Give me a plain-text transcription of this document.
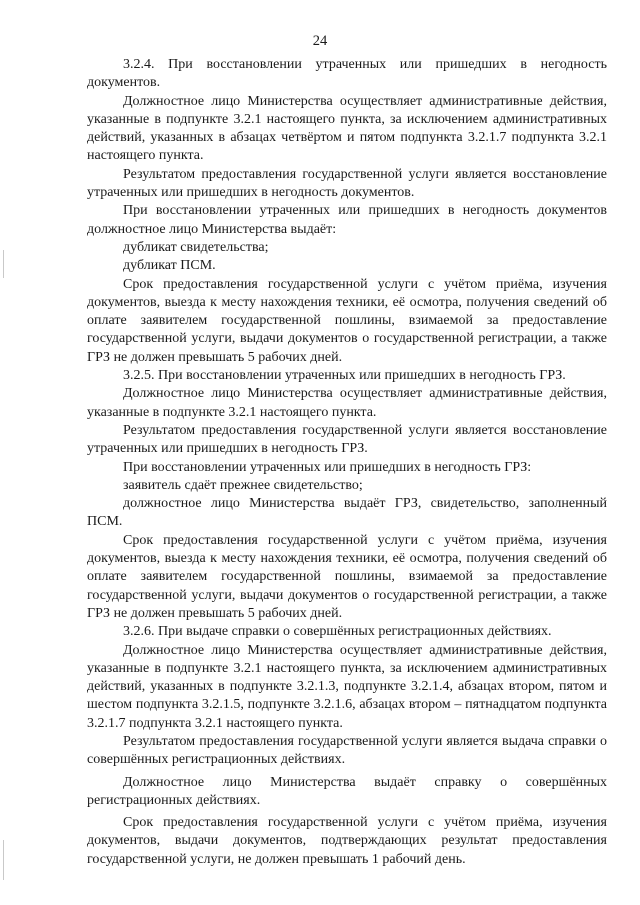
24

3.2.4. При восстановлении утраченных или пришедших в негодность документов.

Должностное лицо Министерства осуществляет административные действия, указанные в подпункте 3.2.1 настоящего пункта, за исключением административных действий, указанных в абзацах четвёртом и пятом подпункта 3.2.1.7 подпункта 3.2.1 настоящего пункта.

Результатом предоставления государственной услуги является восстановление утраченных или пришедших в негодность документов.

При восстановлении утраченных или пришедших в негодность документов должностное лицо Министерства выдаёт:

дубликат свидетельства;

дубликат ПСМ.

Срок предоставления государственной услуги с учётом приёма, изучения документов, выезда к месту нахождения техники, её осмотра, получения сведений об оплате заявителем государственной пошлины, взимаемой за предоставление государственной услуги, выдачи документов о государственной регистрации, а также ГРЗ не должен превышать 5 рабочих дней.

3.2.5. При восстановлении утраченных или пришедших в негодность ГРЗ.

Должностное лицо Министерства осуществляет административные действия, указанные в подпункте 3.2.1 настоящего пункта.

Результатом предоставления государственной услуги является восстановление утраченных или пришедших в негодность ГРЗ.

При восстановлении утраченных или пришедших в негодность ГРЗ:

заявитель сдаёт прежнее свидетельство;

должностное лицо Министерства выдаёт ГРЗ, свидетельство, заполненный ПСМ.

Срок предоставления государственной услуги с учётом приёма, изучения документов, выезда к месту нахождения техники, её осмотра, получения сведений об оплате заявителем государственной пошлины, взимаемой за предоставление государственной услуги, выдачи документов о государственной регистрации, а также ГРЗ не должен превышать 5 рабочих дней.

3.2.6. При выдаче справки о совершённых регистрационных действиях.

Должностное лицо Министерства осуществляет административные действия, указанные в подпункте 3.2.1 настоящего пункта, за исключением административных действий, указанных в подпункте 3.2.1.3, подпункте 3.2.1.4, абзацах втором, пятом и шестом подпункта 3.2.1.5, подпункте 3.2.1.6, абзацах втором – пятнадцатом подпункта 3.2.1.7 подпункта 3.2.1 настоящего пункта.

Результатом предоставления государственной услуги является выдача справки о совершённых регистрационных действиях.

Должностное лицо Министерства выдаёт справку о совершённых регистрационных действиях.

Срок предоставления государственной услуги с учётом приёма, изучения документов, выдачи документов, подтверждающих результат предоставления государственной услуги, не должен превышать 1 рабочий день.
